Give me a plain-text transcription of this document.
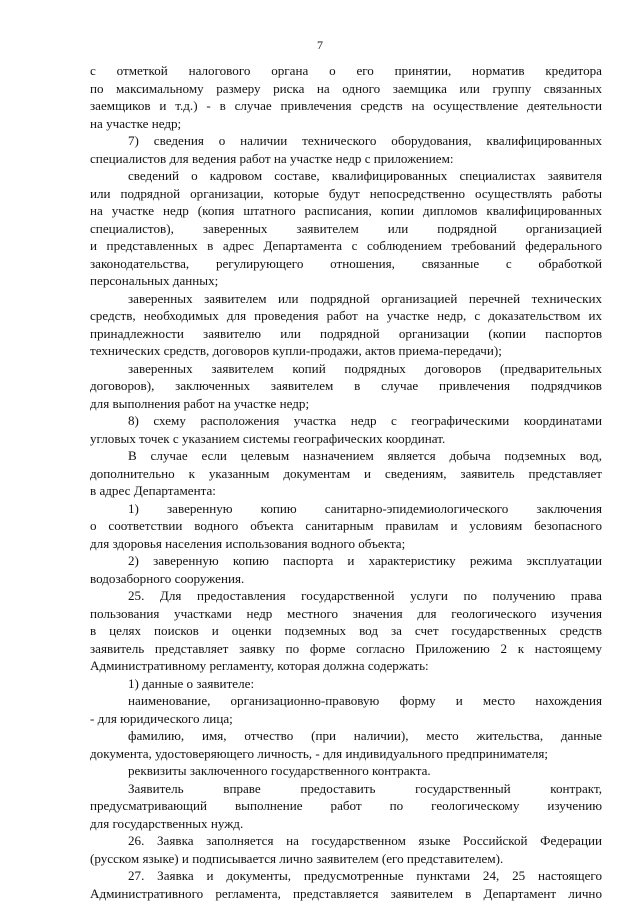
7

с отметкой налогового органа о его принятии, норматив кредитора

по максимальному размеру риска на одного заемщика или группу связанных

заемщиков и т.д.) - в случае привлечения средств на осуществление деятельности

на участке недр;

7) сведения о наличии технического оборудования, квалифицированных

специалистов для ведения работ на участке недр с приложением:

сведений о кадровом составе, квалифицированных специалистах заявителя

или подрядной организации, которые будут непосредственно осуществлять работы

на участке недр (копия штатного расписания, копии дипломов квалифицированных

специалистов), заверенных заявителем или подрядной организацией

и представленных в адрес Департамента с соблюдением требований федерального

законодательства, регулирующего отношения, связанные с обработкой

персональных данных;

заверенных заявителем или подрядной организацией перечней технических

средств, необходимых для проведения работ на участке недр, с доказательством их

принадлежности заявителю или подрядной организации (копии паспортов

технических средств, договоров купли-продажи, актов приема-передачи);

заверенных заявителем копий подрядных договоров (предварительных

договоров), заключенных заявителем в случае привлечения подрядчиков

для выполнения работ на участке недр;

8) схему расположения участка недр с географическими координатами

угловых точек с указанием системы географических координат.

В случае если целевым назначением является добыча подземных вод,

дополнительно к указанным документам и сведениям, заявитель представляет

в адрес Департамента:

1) заверенную копию санитарно-эпидемиологического заключения

о соответствии водного объекта санитарным правилам и условиям безопасного

для здоровья населения использования водного объекта;

2) заверенную копию паспорта и характеристику режима эксплуатации

водозаборного сооружения.

25. Для предоставления государственной услуги по получению права

пользования участками недр местного значения для геологического изучения

в целях поисков и оценки подземных вод за счет государственных средств

заявитель представляет заявку по форме согласно Приложению 2 к настоящему

Административному регламенту, которая должна содержать:

1) данные о заявителе:

наименование, организационно-правовую форму и место нахождения

- для юридического лица;

фамилию, имя, отчество (при наличии), место жительства, данные

документа, удостоверяющего личность, - для индивидуального предпринимателя;

реквизиты заключенного государственного контракта.

Заявитель вправе предоставить государственный контракт,

предусматривающий выполнение работ по геологическому изучению

для государственных нужд.

26. Заявка заполняется на государственном языке Российской Федерации

(русском языке) и подписывается лично заявителем (его представителем).

27. Заявка и документы, предусмотренные пунктами 24, 25 настоящего

Административного регламента, представляется заявителем в Департамент лично
